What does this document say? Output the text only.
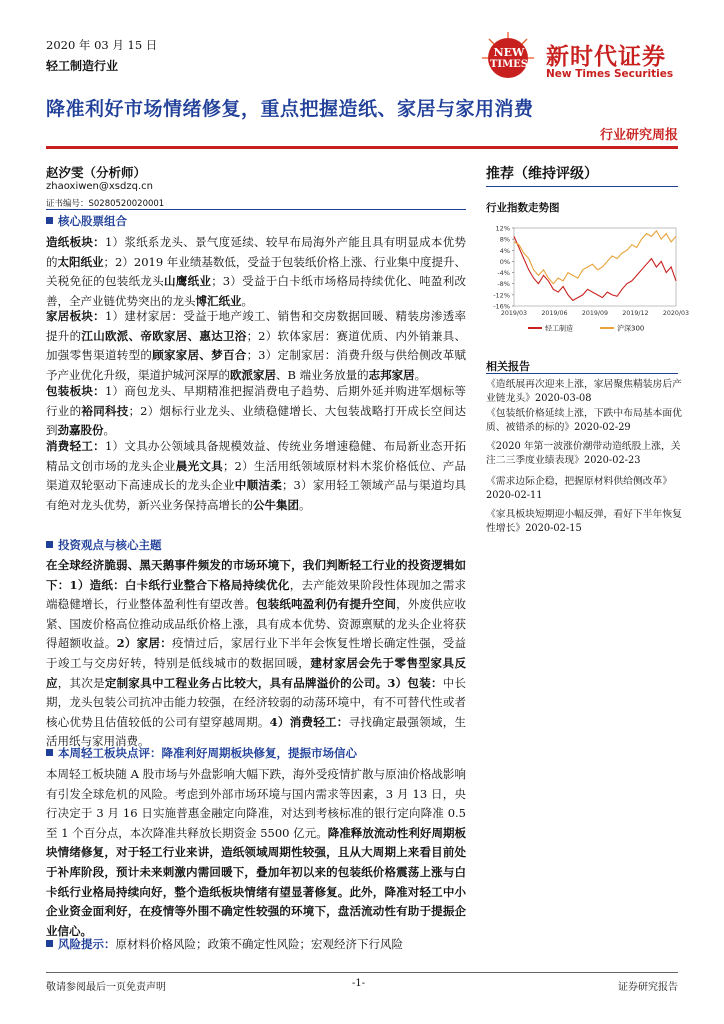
2020 年 03 月 15 日
轻工制造行业
NEW
TIMES 新时代证券
New Times Securities
降准利好市场情绪修复，重点把握造纸、家居与家用消费
行业研究周报
赵汐雯（分析师）
zhaoxiwen@xsdzq.cn
证书编号：S0280520020001
核心股票组合
造纸板块：1）浆纸系龙头、景气度延续、较早布局海外产能且具有明显成本优势的太阳纸业；2）2019 年业绩基数低，受益于包装纸价格上涨、行业集中度提升、关税免征的包装纸龙头山鹰纸业；3）受益于白卡纸市场格局持续优化、吨盈利改善，全产业链优势突出的龙头博汇纸业。
家居板块：1）建材家居：受益于地产竣工、销售和交房数据回暖、精装房渗透率提升的江山欧派、帝欧家居、惠达卫浴；2）软体家居：赛道优质、内外销兼具、加强零售渠道转型的顾家家居、梦百合；3）定制家居：消费升级与供给侧改革赋予产业优化升级，渠道护城河深厚的欧派家居、B 端业务放量的志邦家居。
包装板块：1）商包龙头、早期精准把握消费电子趋势、后期外延并购进军烟标等行业的裕同科技；2）烟标行业龙头、业绩稳健增长、大包装战略打开成长空间达到劲嘉股份。
消费轻工：1）文具办公领域具备规模效益、传统业务增速稳健、布局新业态开拓精品文创市场的龙头企业晨光文具；2）生活用纸领域原材料木浆价格低位、产品渠道双轮驱动下高速成长的龙头企业中顺洁柔；3）家用轻工领域产品与渠道均具有绝对龙头优势，新兴业务保持高增长的公牛集团。
投资观点与核心主题
在全球经济脆弱、黑天鹅事件频发的市场环境下，我们判断轻工行业的投资逻辑如下：1）造纸：白卡纸行业整合下格局持续优化，去产能效果阶段性体现加之需求端稳健增长，行业整体盈利性有望改善。包装纸吨盈利仍有提升空间，外废供应收紧、国废价格高位推动成品纸价格上涨，具有成本优势、资源禀赋的龙头企业将获得超额收益。2）家居：疫情过后，家居行业下半年会恢复性增长确定性强，受益于竣工与交房好转，特别是低线城市的数据回暖，建材家居会先于零售型家具反应，其次是定制家具中工程业务占比较大，具有品牌溢价的公司。3）包装：中长期，龙头包装公司抗冲击能力较强，在经济较弱的动荡环境中，有不可替代性或者核心优势且估值较低的公司有望穿越周期。4）消费轻工：寻找确定最强领域，生活用纸与家用消费。
本周轻工板块点评：降准利好周期板块修复，提振市场信心
本周轻工板块随 A 股市场与外盘影响大幅下跌，海外受疫情扩散与原油价格战影响有引发全球危机的风险。考虑到外部市场环境与国内需求等因素，3 月 13 日，央行决定于 3 月 16 日实施普惠金融定向降准，对达到考核标准的银行定向降准 0.5 至 1 个百分点，本次降准共释放长期资金 5500 亿元。降准释放流动性利好周期板块情绪修复，对于轻工行业来讲，造纸领域周期性较强，且从大周期上来看目前处于补库阶段，预计未来刺激内需回暖下，叠加年初以来的包装纸价格震荡上涨与白卡纸行业格局持续向好，整个造纸板块情绪有望显著修复。此外，降准对轻工中小企业资金面利好，在疫情等外围不确定性较强的环境下，盘活流动性有助于提振企业信心。
风险提示：原材料价格风险；政策不确定性风险；宏观经济下行风险
推荐（维持评级）
行业指数走势图
12%
8%
4%
0%
-4%
-8%
-12%
-16%
2019/03 2019/06 2019/09 2019/12 2020/03
轻工制造	沪深300
相关报告
《造纸展再次迎来上涨，家居聚焦精装房后产业链龙头》2020-03-08
《包装纸价格延续上涨，下跌中布局基本面优质、被错杀的标的》2020-02-29
《2020 年第一波涨价潮带动造纸股上涨，关注二三季度业绩表现》2020-02-23
《需求边际企稳，把握原材料供给侧改革》2020-02-11
《家具板块短期迎小幅反弹，看好下半年恢复性增长》2020-02-15
敬请参阅最后一页免责声明	-1-	证券研究报告
